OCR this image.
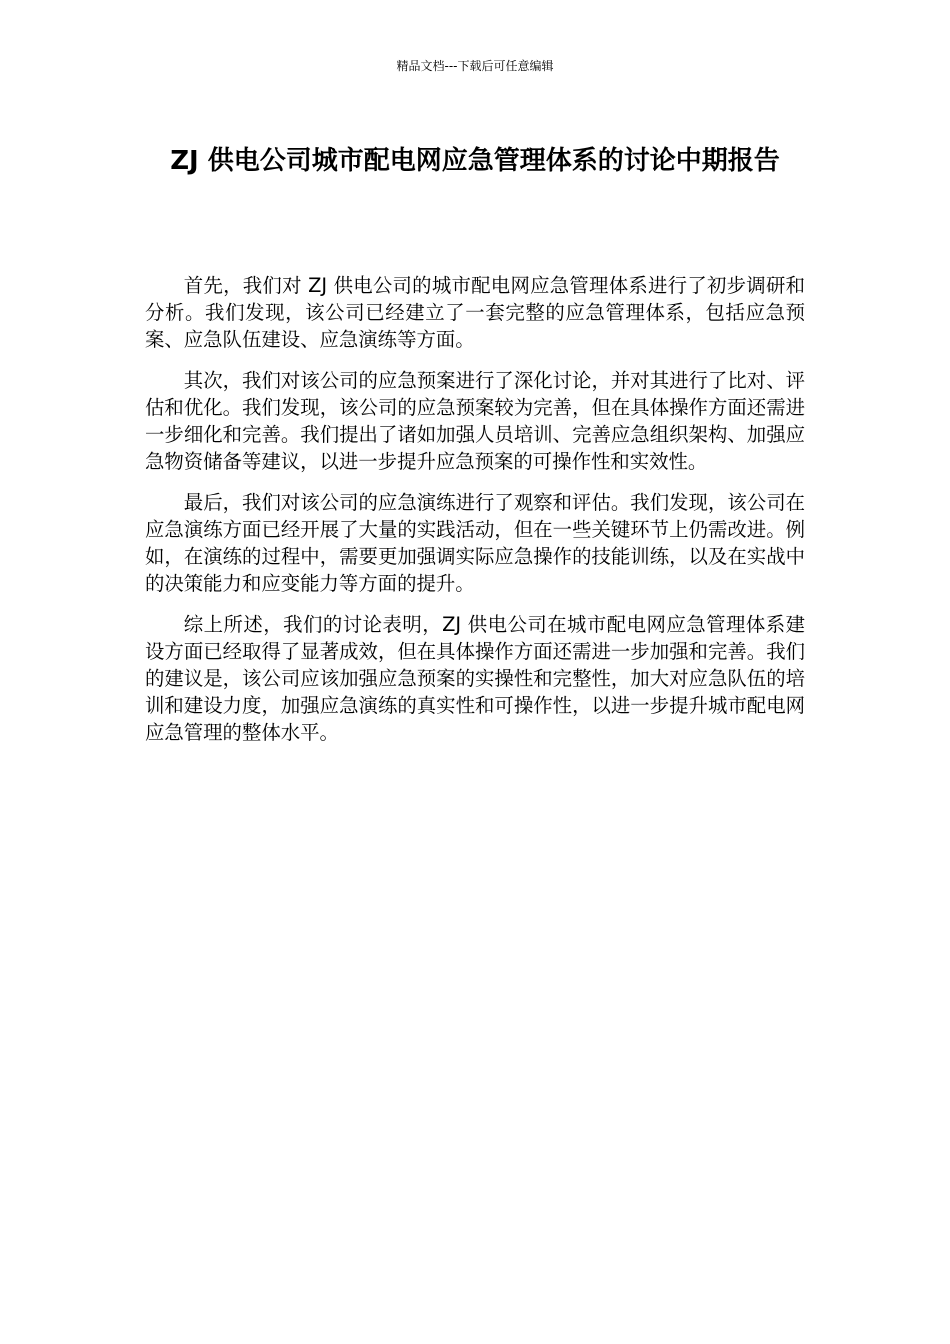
精品文档---下载后可任意编辑
ZJ 供电公司城市配电网应急管理体系的讨论中期报告

首先，我们对 ZJ 供电公司的城市配电网应急管理体系进行了初步调研和分析。我们发现，该公司已经建立了一套完整的应急管理体系，包括应急预案、应急队伍建设、应急演练等方面。

其次，我们对该公司的应急预案进行了深化讨论，并对其进行了比对、评估和优化。我们发现，该公司的应急预案较为完善，但在具体操作方面还需进一步细化和完善。我们提出了诸如加强人员培训、完善应急组织架构、加强应急物资储备等建议，以进一步提升应急预案的可操作性和实效性。

最后，我们对该公司的应急演练进行了观察和评估。我们发现，该公司在应急演练方面已经开展了大量的实践活动，但在一些关键环节上仍需改进。例如，在演练的过程中，需要更加强调实际应急操作的技能训练，以及在实战中的决策能力和应变能力等方面的提升。

综上所述，我们的讨论表明，ZJ 供电公司在城市配电网应急管理体系建设方面已经取得了显著成效，但在具体操作方面还需进一步加强和完善。我们的建议是，该公司应该加强应急预案的实操性和完整性，加大对应急队伍的培训和建设力度，加强应急演练的真实性和可操作性，以进一步提升城市配电网应急管理的整体水平。
